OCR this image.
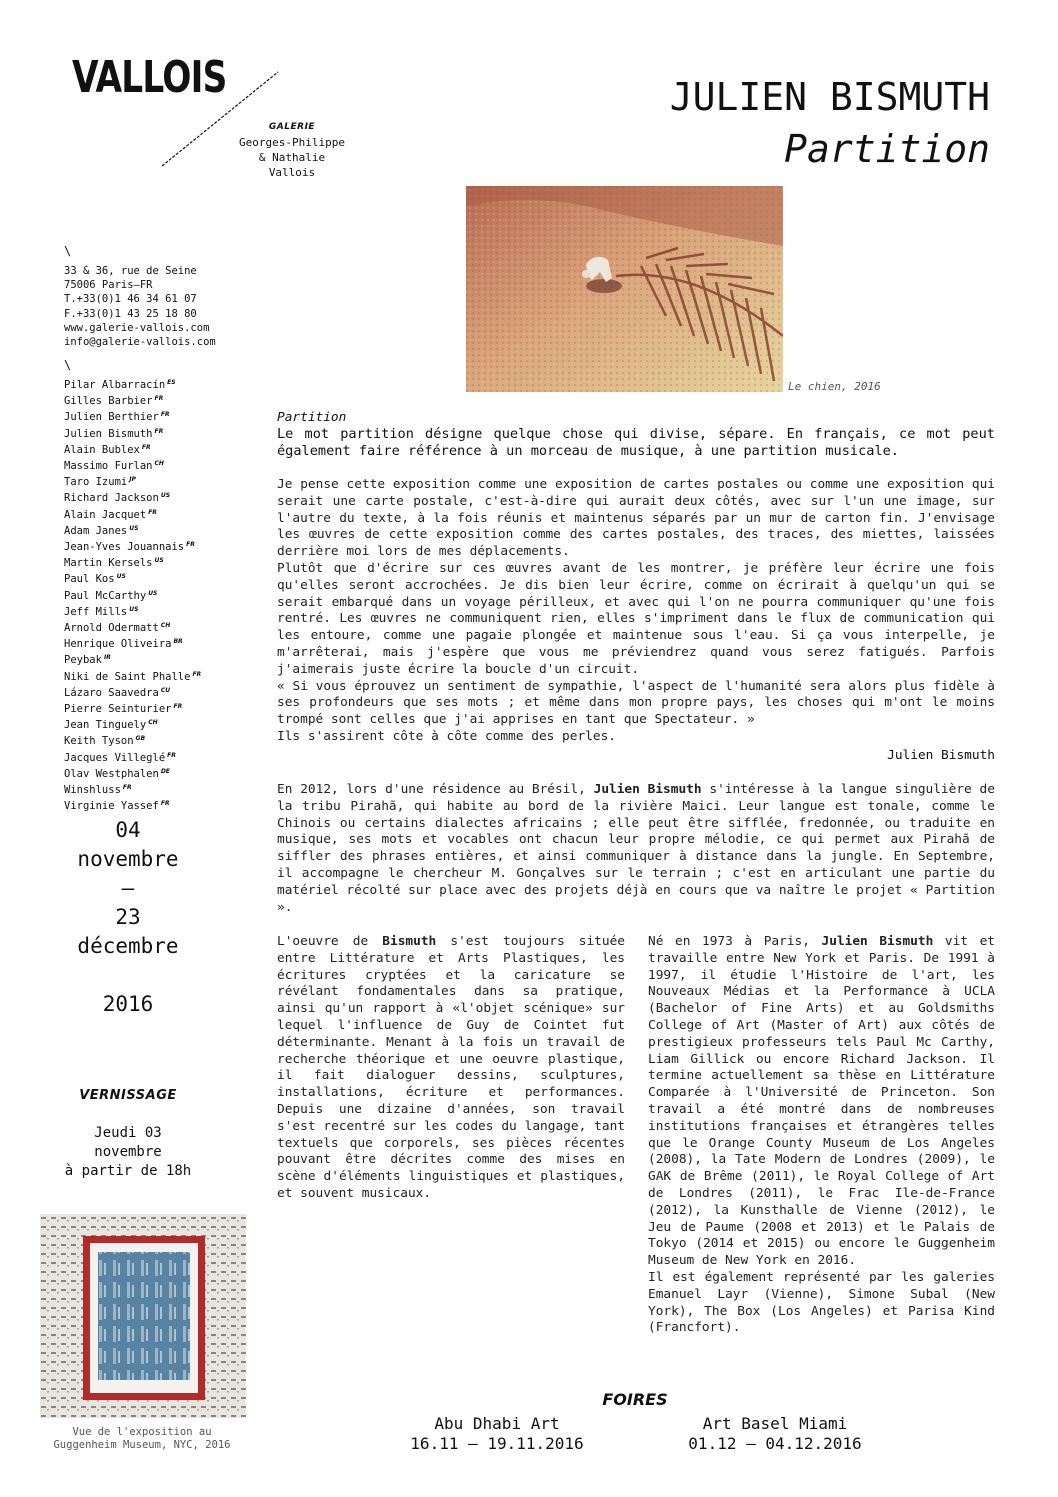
VALLOIS
GALERIE
Georges-Philippe
& Nathalie
Vallois
JULIEN BISMUTH
Partition
\
33 & 36, rue de Seine
75006 Paris—FR
T.+33(0)1 46 34 61 07
F.+33(0)1 43 25 18 80
www.galerie-vallois.com
info@galerie-vallois.com
\
Pilar Albarracín $^{ES}$
Gilles Barbier $^{FR}$
Julien Berthier $^{FR}$
Julien Bismuth $^{FR}$
Alain Bublex $^{FR}$
Massimo Furlan $^{CH}$
Taro Izumi $^{JP}$
Richard Jackson $^{US}$
Alain Jacquet $^{FR}$
Adam Janes $^{US}$
Jean-Yves Jouannais $^{FR}$
Martin Kersels $^{US}$
Paul Kos $^{US}$
Paul McCarthy $^{US}$
Jeff Mills $^{US}$
Arnold Odermatt $^{CH}$
Henrique Oliveira $^{BR}$
Peybak $^{IR}$
Niki de Saint Phalle $^{FR}$
Lázaro Saavedra $^{CU}$
Pierre Seinturier $^{FR}$
Jean Tinguely $^{CH}$
Keith Tyson $^{GB}$
Jacques Villeglé $^{FR}$
Olav Westphalen $^{DE}$
Winshluss $^{FR}$
Virginie Yassef $^{FR}$
04
novembre
—
23
décembre
2016
VERNISSAGE
Jeudi 03
novembre
à partir de 18h
Vue de l'exposition au
Guggenheim Museum, NYC, 2016
Le chien, 2016
Partition
Le mot partition désigne quelque chose qui divise, sépare. En français, ce mot peut également faire référence à un morceau de musique, à une partition musicale.
Je pense cette exposition comme une exposition de cartes postales ou comme une exposition qui serait une carte postale, c'est-à-dire qui aurait deux côtés, avec sur l'un une image, sur l'autre du texte, à la fois réunis et maintenus séparés par un mur de carton fin. J'envisage les œuvres de cette exposition comme des cartes postales, des traces, des miettes, laissées derrière moi lors de mes déplacements.
Plutôt que d'écrire sur ces œuvres avant de les montrer, je préfère leur écrire une fois qu'elles seront accrochées. Je dis bien leur écrire, comme on écrirait à quelqu'un qui se serait embarqué dans un voyage périlleux, et avec qui l'on ne pourra communiquer qu'une fois rentré. Les œuvres ne communiquent rien, elles s'impriment dans le flux de communication qui les entoure, comme une pagaie plongée et maintenue sous l'eau. Si ça vous interpelle, je m'arrêterai, mais j'espère que vous me préviendrez quand vous serez fatigués. Parfois j'aimerais juste écrire la boucle d'un circuit.
« Si vous éprouvez un sentiment de sympathie, l'aspect de l'humanité sera alors plus fidèle à ses profondeurs que ses mots ; et même dans mon propre pays, les choses qui m'ont le moins trompé sont celles que j'ai apprises en tant que Spectateur. »
Ils s'assirent côte à côte comme des perles.
Julien Bismuth
En 2012, lors d'une résidence au Brésil, Julien Bismuth s'intéresse à la langue singulière de la tribu Pirahã, qui habite au bord de la rivière Maici. Leur langue est tonale, comme le Chinois ou certains dialectes africains ; elle peut être sifflée, fredonnée, ou traduite en musique, ses mots et vocables ont chacun leur propre mélodie, ce qui permet aux Pirahã de siffler des phrases entières, et ainsi communiquer à distance dans la jungle. En Septembre, il accompagne le chercheur M. Gonçalves sur le terrain ; c'est en articulant une partie du matériel récolté sur place avec des projets déjà en cours que va naître le projet « Partition ».
L'oeuvre de Bismuth s'est toujours située entre Littérature et Arts Plastiques, les écritures cryptées et la caricature se révélant fondamentales dans sa pratique, ainsi qu'un rapport à «l'objet scénique» sur lequel l'influence de Guy de Cointet fut déterminante. Menant à la fois un travail de recherche théorique et une oeuvre plastique, il fait dialoguer dessins, sculptures, installations, écriture et performances. Depuis une dizaine d'années, son travail s'est recentré sur les codes du langage, tant textuels que corporels, ses pièces récentes pouvant être décrites comme des mises en scène d'éléments linguistiques et plastiques, et souvent musicaux.
Né en 1973 à Paris, Julien Bismuth vit et travaille entre New York et Paris. De 1991 à 1997, il étudie l'Histoire de l'art, les Nouveaux Médias et la Performance à UCLA (Bachelor of Fine Arts) et au Goldsmiths College of Art (Master of Art) aux côtés de prestigieux professeurs tels Paul Mc Carthy, Liam Gillick ou encore Richard Jackson. Il termine actuellement sa thèse en Littérature Comparée à l'Université de Princeton. Son travail a été montré dans de nombreuses institutions françaises et étrangères telles que le Orange County Museum de Los Angeles (2008), la Tate Modern de Londres (2009), le GAK de Brême (2011), le Royal College of Art de Londres (2011), le Frac Ile-de-France (2012), la Kunsthalle de Vienne (2012), le Jeu de Paume (2008 et 2013) et le Palais de Tokyo (2014 et 2015) ou encore le Guggenheim Museum de New York en 2016.
Il est également représenté par les galeries Emanuel Layr (Vienne), Simone Subal (New York), The Box (Los Angeles) et Parisa Kind (Francfort).
FOIRES
Abu Dhabi Art
16.11 – 19.11.2016
Art Basel Miami
01.12 – 04.12.2016
